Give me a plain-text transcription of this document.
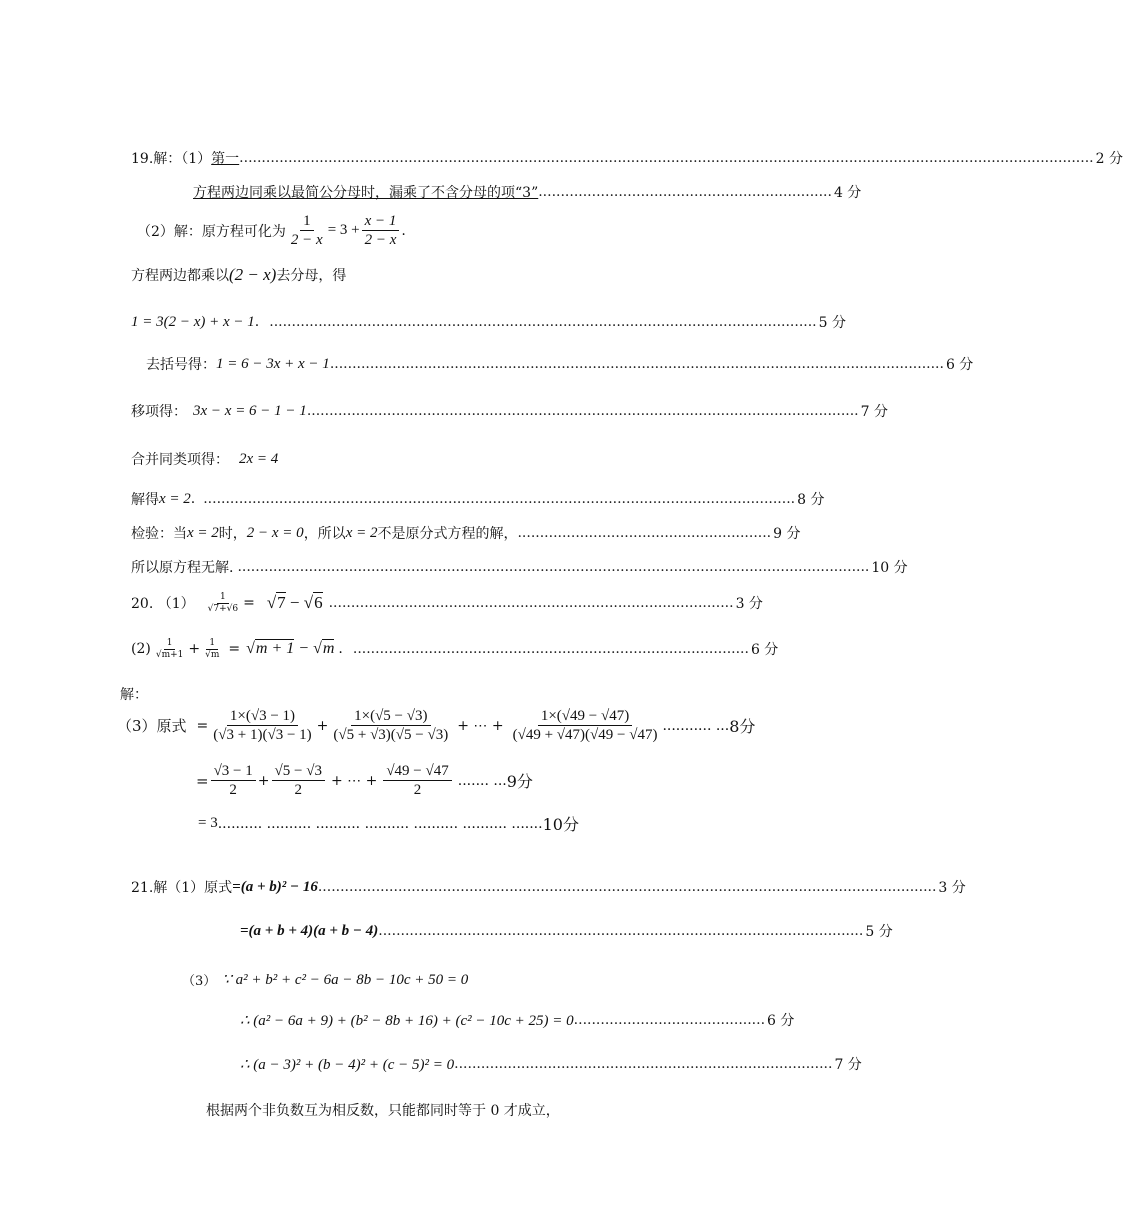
19.解：（1） 第一 ................................................................................................................................................................................................ 2 分
方程两边同乘以最简公分母时，漏乘了不含分母的项“3” .................................................................. 4 分
（2）解：原方程可化为 $\frac{1}{2 - x} = 3 + \frac{x - 1}{2 - x}$ .
方程两边都乘以 (2 − x) 去分母，得
1 = 3(2 − x) + x − 1 . ........................................................................................................................... 5 分
去括号得： 1 = 6 − 3x + x − 1 .......................................................................................................................................... 6 分
移项得： 3x − x = 6 − 1 − 1 ............................................................................................................................ 7 分
合并同类项得： 2x = 4
解得 x = 2 . ..................................................................................................................................... 8 分
检验：当 x = 2 时， 2 − x = 0 ，所以 x = 2 不是原分式方程的解， ......................................................... 9 分
所以原方程无解. .............................................................................................................................................. 10 分
20. $(1) \frac{1}{√7+√6} = √7 - √6$ ........................................................................................... 3 分
$(2) \frac{1}{√m+1} + \frac{1}{√m} = √m + 1 - √m$ . ......................................................................................... 6 分
解：
（3）原式 = $\frac{1\times(√3 - 1)}{(√3 + 1)(√3 - 1)} + \frac{1\times(√5 - √3)}{(√5 + √3)(√5 - √3)}$ + ⋯ + $\frac{1\times(√49 - √47)}{(√49 + √47)(√49 - √47)}$ ........... ... 8分
= $\frac{√3 - 1}{2} + \frac{√5 - √3}{2}$ + ⋯ + $\frac{√49 - √47}{2}$ ....... ... 9分
= 3 .......... .......... .......... .......... .......... .......... ....... 10分
21.解（1）原式 =(a + b)² − 16 ........................................................................................................................................... 3 分
=(a + b + 4)(a + b − 4) ............................................................................................................. 5 分
（3） ∵ a² + b² + c² − 6a − 8b − 10c + 50 = 0
∴ (a² − 6a + 9) + (b² − 8b + 16) + (c² − 10c + 25) = 0 ........................................... 6 分
∴ (a − 3)² + (b − 4)² + (c − 5)² = 0 ..................................................................................... 7 分
根据两个非负数互为相反数，只能都同时等于 0 才成立，
